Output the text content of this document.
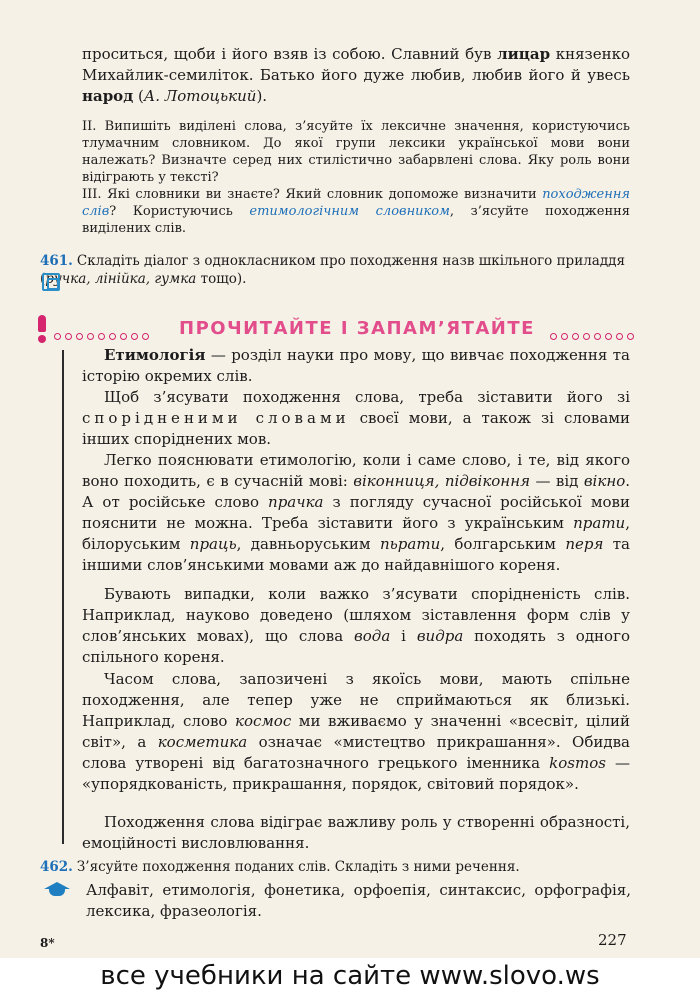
проситься, щоби і його взяв із собою. Славний був лицар князенко Михайлик-семиліток. Батько його дуже любив, любив його й увесь народ (А. Лотоцький).
II. Випишіть виділені слова, з’ясуйте їх лексичне значення, користуючись тлумачним словником. До якої групи лексики української мови вони належать? Визначте серед них стилістично забарвлені слова. Яку роль вони відіграють у тексті?
III. Які словники ви знаєте? Який словник допоможе визначити походження слів? Користуючись етимологічним словником, з’ясуйте походження виділених слів.
461. Складіть діалог з однокласником про походження назв шкільного приладдя (ручка, лінійка, гумка тощо).
ПРОЧИТАЙТЕ І ЗАПАМ’ЯТАЙТЕ

Етимологія — розділ науки про мову, що вивчає походження та історію окремих слів.

Щоб з’ясувати походження слова, треба зіставити його зі спорідненими словами своєї мови, а також зі словами інших споріднених мов.

Легко пояснювати етимологію, коли і саме слово, і те, від якого воно походить, є в сучасній мові: віконниця, підвіконня — від вікно. А от російське слово прачка з погляду сучасної російської мови пояснити не можна. Треба зіставити його з українським прати, білоруським праць, давньоруським пьрати, болгарським перя та іншими слов’янськими мовами аж до найдавнішого кореня.

Бувають випадки, коли важко з’ясувати спорідненість слів. Наприклад, науково доведено (шляхом зіставлення форм слів у слов’янських мовах), що слова вода і видра походять з одного спільного кореня.

Часом слова, запозичені з якоїсь мови, мають спільне походження, але тепер уже не сприймаються як близькі. Наприклад, слово космос ми вживаємо у значенні «всесвіт, цілий світ», а косметика означає «мистецтво прикрашання». Обидва слова утворені від багатозначного грецького іменника kosmos — «упорядкованість, прикрашання, порядок, світовий порядок».

Походження слова відіграє важливу роль у створенні образності, емоційності висловлювання.

462. З’ясуйте походження поданих слів. Складіть з ними речення.
Алфавіт, етимологія, фонетика, орфоепія, синтаксис, орфографія, лексика, фразеологія.
8*	227
все учебники на сайте www.slovo.ws
